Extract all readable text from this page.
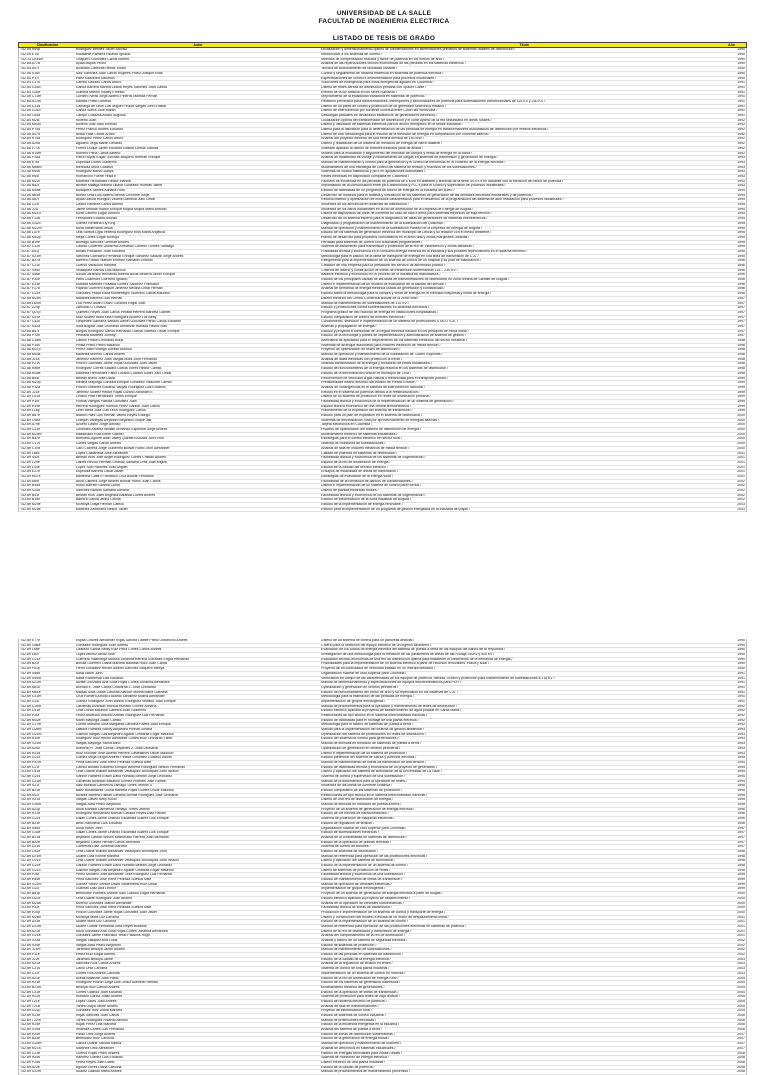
UNIVERSIDAD DE LA SALLE
FACULTAD DE INGENIERIA ELECTRICA
LISTADO DE TESIS DE GRADO
Clasificacion	Autor	Titulo	Año
T42.85 R69p	Rodriguez Benitez Javier Alfonso	Localizacion y dimensionamiento optimo de condensadores en alimentadores primarios de sistemas radiales de distribucion /	1990
T42.85 E74i	Escalante Ramirez Ricardo Ignacio	Introduccion a los sistemas de control /	1990
T42.33 Ch44m	Chaparro Gonzalez Carlos Alberto	Metodos de compensacion reactiva y factor de potencia en los hornos de arco /	1990
T42.85 A77a	Ayala Mojica Pedro	Analisis de las repercusiones tecnico economicas de las perdidas en los sistemas electricos /	1990
T42.83 A47t	Alvarado Cabezas Hector Efrain	Tecnica de accionamiento de velocidad variable /	1990
T42.85 S16c	Saiz Sanchez Juan Carlos Rugeles Perez Joaquin Elias	Control y seguimiento de maxima eficiencia en sistemas de potencia electrica /	1990
T42.84 P17i	Paez Saavedra Salomon	Especificaciones de control e instrumentacion para procesos industriales /	1990
T42.84 C17s	Carrillo Casado Carlos Arturo	Soluciones de emergencia para crisis energeticas aguden en Colombia /	1991
T42.84 G16d	Garcia Barrera Martha Liliana Reyes Sanchez Juan Carlos	Diseño de redes aereas de distribucion primaria con Spacer Cable /	1991
T42.84 G33e	Guecha Marino Vianey Ernesto	Efectos de la luz artificial en los seres humanos /	1991
T42.85 C73m	Cordero Neira Jorge Alberto Pineros Mantilla Fernan	Mejoramiento de la estabilidad transitoria en sistemas de potencia /	1991
T42.85 A12m	Mantas Prieto Gerardo	Rediseño preventivo para transformadores, interruptores y seccionadores de potencia para subestaciones convencionales de 115 KV y 230 KV /	1991
T42.85 C31d	Camargo de Leon Luis Miguel Pinzon Vargas John Edison	Diseño de un panel de control y proteccion de un generador sincronico trifasico /	1991
T42.85 G24d	Garcia Sierra Jose Martin	Diseño de interconexion por corriente continua entre Colon las Venezuela /	1991
T42.85 C84d	Campo Collazos Alvaro Augusto	Descargas parciales en devanados estatoricos de generadores electricos /	1991
T42.85 M26l	Moreno Juan	Localizacion optima del transformador de distribucion y el corte optimo de la red secundaria en areas rurales /	1992
T42.85 M53d	Moreno Diaz Raul Ernesto	Diseño y utilizacion de sistemas electricos para el ahorro energetico en el sector industrial /	1992
T42.85 P74d	Perez Franco Andres Eduardo	Diseño para la utilizacion para la determinacion de las perdidas de energia en transformadores monofasicos de distribucion por medios electricos /	1992
T42.85 A47d	Ardila Falla Carlos Arturo	Diseño de una metodologia para el estudio de la medicion de energia en comparacion con corriente alterna /	1992
T42.85 R76d	Rodriguez Perez Carlos Arturo	Analisis del proyecto electrico de una central termica de 150 MW /	1992
T42.86 A25d	Agudelo Vega Martin Gerardo	Diseño y realizacion de un sistema de medicion de energia de barra radiante /	1992
T42.86 F71s	Forero Duque Javier Eduardo Gastón Lemus Sandra	Software aplicado al diseño de motores trifasicos jaula de ardilla /	1992
T42.86 R76m	Romero Peña Carlos Alberto	Modelo para la evaluacion y seguimiento del mercado de compra y venta de energia en la bolsa /	1992
T42.86 P28a	Parra Hoyos Edgar Gonzalo Baquero Herman Enrique	Analisis de estabilidad de voltaje y modelamiento de cargas en sistemas de transmision y generacion de energia /	1993
T42.86 E76t	Espinosa Durán Guillermo	Manual de mantenimiento y control para la generacion y el control de frecuencia en el contexto de la energia electrica /	1993
T42.86 M88m	Mendoza Mora Gustavo	Modelamiento de una estrategia de control del sistema de tension y reactivos de los subestaciones /	1993
T42.86 R69s	Rodriguez Maria Gladys	Sistemas de control distribuido y plc's en aplicaciones industriales /	1993
T42.86 R65i	Romanovo Fuerte Yesid E	Redes electricas en disposicion compacta en Colombia /	1993
T42.86 M22f	Martinez Hernandez Hector Manuel	Factores de incidencia en las perdidas de potencia de 5 MVA en adelante y tecnicas de la serie 34.5 KV en adelante con la medicion del factor de potencia /	1993
T42.86 B52i	Beltran Malaga Mariela Liliana Gonzalez Huertas Jaime	Implantacion de la comunicacion entre plc's distribuidos y PLC's para el control y supervision de procesos industriales /	1993
T42.86 M58e	Mosquera Jaimes Adriana Ruth	Estudio de factibilidad de un programa de ahorro de energia en la industria del cuero /	1994
T42.86 N63d	Nuñez Ortiz Luis Alberto Bernal Chinome Jorge	Desarrollo de modelos para el analisis y simulacion de los sistemas de generacion de las centrales electricas industriales y de potencia /	1994
T42.86 A87r	Ayala Garcia Rilington Villamil Gamboa Julio Cesar	Reconocimiento y optimizacion de modulos caracteristicos para el desarrollo de la programacion del sistema de auto realizacion para procesos industriales /	1994
T42.86 C23i	Castro Ramirez Carlos Alberto	Influencia de los armonicos en sistemas de distribucion /	1994
T42.86 J21i	Jaime Medina Ruben Enrique Mojica Mojica Mario Antonio	Influencia de los baros industriales en la red de distribucion de la Empresa de Energia de Bogota /	1994
T42.86 M21d	Mora Camelo Edgar Antonio	Diseño de dispositivos de corte de corriente en caso de falla a tierra para sistemas electricos de baja tension /	1994
T42.86 F14d	Fernández Eduard Alfonso	Desarrollo de un sistema experto para el diagnostico de fallas de generadores de sistemas hidroelectricos /	1994
T42.86 G32d	Gomez Rentería Ely King	Diagnostico y programacion de mantenimiento de la subestacion del Quilichao /	1995
T42.86 M22m	Mora Valderrama Jesus	Manual de operacion y mantenimiento de la subestacion Paraiso de la Empresa de Energia de Bogota /	1995
T42.86 L47e	Leal Santos Ligia Yesenia Rodriguez Rios Maria Angelica	Estudio de los sistemas de generacion electrica del municipio de Leticia y su relacion con el medio ambiente /	1995
T42.86 M52p	Mejia Cortes Edgar Rodrigo	Planes de desarrollo para proyectos comunitarios en el area rural y zonas marginales urbanas /	1995
T42.86 B19e	Buitrago Sanchez German Andres	Perdidas para sistemas de control con automatas programables /	1995
T42.87 C12s	Castillo Gutierrez Guillermo Armando Cordero Gomez Santiago	Sistema de aislamiento para transmision y proteccion de la red de Villavicencio y zonas aledañas /	1995
T42.87 A51j	Amato Poblacion Juan Eduardo	Posibilidad tecnica y economica en el consumo energia electrica en la industria y sus posibles repercusiones en el sistema electrico /	1995
T42.87 S21m	Sanchez Camacho Fernando Enrique Sanchez Salazar Jorge Andres	Metodologia para el calculo de la tarifa de transporte de energia en una linea de transmision de C.A. /	1995
T42.87 B27d	Barrera Franco Manuel Ernesto Gamaliel Ernesto	Reingenieria para la implementacion de un sistema de control de un hospital y su plan de elaboracion /	1996
T42.87 C21c	Cuervo Veracoon Marcela	Creacion de una empresa para la prestacion del servicio de alumbrado publico /	1996
T42.87 V54c	Velasquez Ramos Luis Mauricio	Criterios de diseño y construccion de lineas de transmision subterraneas 115 – 230 KV /	1996
T42.87 S56b	Socari Jaramillo Hernando Alberto Arcila Becerra Javier Enrique	Balance electrico y economico en el proceso de la industria de manufactura /	1996
T42.87 P20e	Paris Cuanhuer Guerrero Ignacio	Estudio de los principales causas de las fallas de transformadores de distribucion en zona urbana de Santafe de Bogota /	1996
T42.87 E21e	Estrada Martinez Rosalba Gomez Sanchez Francisco	Diseño e implementacion de un modelo de evaluacion de la calidad del servicio /	1996
T42.87 F17a	Fajardo Guerrero Miguel Jiménez Medina Omar Hernan	Analisis de demanda de energia electrica costos de generacion y confiabilidad /	1996
T42.87 G21e	Gonzalez Prada Edna Montenegro Guerrero Carlos Mauricio	Estudio sobre la metodologia para la compra y venta de energia en el mercado mayorista y bolsa de energia /	1996
T42.88 M25d	Martinez Becerra Luis Hernan	Diseño electrico del Centro Comercial Bolivar de la zona rural /	1997
T42.88 L54m	Loa Perez Alvaro Erazo Cordoba Edgar Julio	Manual de mantenimiento de subestaciones de 115 KV /	1997
T42.87 Z24p	Zamudio O Octavio	Estudio y protecciones contra sobretensiones en sistemas electricos /	1997
T42.87 Q27p	Quintero Reyes Juan Carlos Peralta Herrera Marcela Gabriel	Programa grafico de uso racional de energia en instituciones hospitalarias /	1997
T42.87 D31e	Diaz Suarez Nidia Lida Rodriguez Alvarez Luz Betty	Estudio comparativo de control de motores electricos /	1997
T42.87 C42c	Cespedes Gamarra William Daniel Gonzalez Pardo Carlos Eduardo	Conocimiento, seleccion e implementacion de un sistema de protecciones STALO S.A. /	1997
T42.87 S42a	Suta Bogota Jose Leonardo Almanzar Hurtado Hector Ivan	Antenas y propagacion de energia /	1997
T42.88 B67t	Burgos Rodriguez Carlos Hernando Garcia Salcedo Oscar Enrique	Estudio y proyecto a consolidar de un region electrica basado en los principios de motor lineal /	1997
T42.88 P72e	Pedraza Martinez Johnny	Estudio de la tecnologia y planes de implementacion y administracion de sistema de gestion /	1997
T42.88 C18m	Camilo Pinzón Leonardo Borja	Alternativa de aplicacion para el mejoramiento de los sistemas electricos del sector industrial /	1998
T42.88 P34s	Pinilla Prieto Pedro Mauricio	Sistemas de arranque automatico para motores electricos de media tension /	1998
T42.88 M37p	Perez Juan Rodrigo Dorado Antonio	Proyecto de optimizacion de redes de distribucion /	1998
T42.88 M64s	Martinez Moreno Carlos Andres	Manual de operacion y mantenimiento de la subestacion de Cuatro Esquinas /	1998
T42.88 J21a	Jiménez Ramírez Juan Vargas Mora John Fernando	Analisis de fallas electricas con proteccion al frente /	1998
T42.88 P21s	Pinzón Gonzalez Jaime Rojas Gonzalez Juan Javier	Sistema administrador de la energia y monitoreo de redes industriales /	1998
T42.88 R86e	Rodriguez Correa Edward Garcia Torres Hector Camilo	Estudio del funcionamiento de la energia reactiva en los sistemas de distribucion /	1998
T42.88 M38e	Martinez Hernandez Fabio Lozano Cubillos Solier Julio Cesar	Estudio de la electrificacion rural en el municipio de Chia /	1998
T42.88 B54r	Beltran Bravo Jose David	Reconversion de vehiculos a gas natural o electricidad para el transporte publico /	1999
T42.88 M23p	Medina Mayorga Gonzalo Enrique Gonzalez Villacorte Camilo	Prefactibilidad diseño electrico del edificio de Piedra Grande /	1999
T42.88 P12a	Pinzon Sanchez Eduardo Vargas Rodriguez Luis Eduardo	Analisis de contingencias en el sistema de interconexion nacional /	1999
T42.89 J21e	Jiménez Suarez Hector Rojas Lozano Abraham E	Efectos en el sistema de potencia debido a la reestructuracion /	1999
T42.89 O11d	Orozco Pilar Hernandez Torres Enrique	Diseño de un sistema de proteccion en redes de distribucion primaria /	1999
T42.89 P15f	Portilla Villegas Patricia Gonzalez Juan	Factibilidad tecnica y economica de la implementacion de un sistema de generacion /	1999
T42.89 H19e	Herrera Rodriguez Romulo Perez Garzon Juan Carlos	Estudio tecnico economico de una central termoelectrica /	1999
T42.89 L18p	Leon Mesa Jose Luis Leon Rodriguez Carlos	Planeamiento de la expansion del sistema de transmision /	1999
T42.89 B87e	Blanco Paez Luis Hernan Valero Reyes Rodrigo	Estudio para un plan de expansion en el sistema de distribucion /	2000
T42.89 O54e	Ortegon Vanegas Alejandro Bejarano Duque Jair	Sistemas de electrificacion rural por aprovechamiento de energias alternas /	2000
T42.89 A79e	Azuero Castro Jorge Alfonso	Tarjeta electrónica en Colombia /	2000
T42.89 C21e	Cifuentes Alvarez William Armando Espinosa Jorge Andres	Proceso de optimizacion del sistema de distribucion de energia /	2000
T42.89 M25m	Maldonado Ruiz Elmer Gabriel	Modelamiento electrico de sistemas industriales /	2000
T42.89 B37e	Buenaño Aguirre Alain Valery Quintero Acosta John Errol	Estrategias para el control electrico del sector rural /	2000
T42.89 C17s	Cortes Vargas Carlos Alberto	Sistema de monitoreo de subestaciones /	2000
T42.89 C19a	Caro Cabrera Jorge Guillermo Bolivar Rubio Jhon Alexander	Analisis de falla en motores electricos de media tension /	2000
T42.89 L66c	Lopez Castañeda Jose Alexander	Calidad de potencia en sistemas de distribucion /	2001
T42.89 S52f	Beltran Rios Jose Angel Rodriguez Cortes Cristian Andres	Factibilidad tecnica y economica de los sistemas de cogeneracion /	2001
T42.89 L29e	Llanes Rincón Herman Orlando Santana Ortiz Juan Miguel	Estudio de la red de distribucion de energia /	2001
T42.89 L33e	Lopez Soto Ramirez Juan Miguel	Estudio de la calidad del servicio electrico /	2001
T42.89 E27e	Espinosa Barrera Oscar Javier	Ensayos de estabilidad de lineas de transmision /	2001
T42.89 M37e	Mahecha Castro Francisco Cruz Bolivar Fernando	Estrategias de evaluacion de la energia solar /	2001
T42.89 A85f	Ariza Cabrera Jorge Andres Bolivar Rubio Juan Carlos	Factibilidad de la formacion de bancos de condensadores /	2002
T42.89 B35d	Rubio Barreto Sandra Liceth	Diseño e implementacion de un sistema de control para hornos /	2002
T42.89 S24d	Sanchez Barreto Santana Adriana	Diseño de plantas electricas rurales /	2002
T42.89 B41f	Beltran Rios Juliet Angelica Bautista Cortes Andres	Factibilidad tecnica y economica de los sistemas de cogeneracion /	2002
T42.89 B15e	Barrera Garcia Jenny Cecilia	Estudio de electrificacion de la zona industrial de Bogota /	2002
T42.89 M29e	Montoya Olaya Hernan Camilo	Estudio de la implementacion de energia renovable /	2003
T42.89 M25e	Martinez Zambrano Nestor Javier	Estudio para la implementacion de un programa de gestion energetica en la industria del papel /	2003
T42.89 E77e	Espita Chaves Alexander Rojas Sandra Lisette Prieto Oralancho Andres	Diseño de un sistema de control para un pancreas artificial /	1990
T42.89 G66e	Gonzalez Rodriguez Juan Alberto	Criterio para la seleccion del equipo electrico de un ingenio azucarero /	1990
T42.89 L56e	Lizarazo Garcia Nelsy Ruiz Peña Cortes Carlos Andres	Evaluacion de los costos de energia electrica del sistema de puesta a tierra de los equipos del Banco de la Republica /	1990
T42.89 L62i	Lopez Muñoz Abiud Jose	Investigacion de una metodologia para la medicion de los parametros de lineas de alto voltaje 230Kv y 500 Kv /	1990
T42.89 G21e	Guerrero Villamarga Monica Johanna Herrera Gonzalez Edgar Hernando	Evaluacion tecnico-economica de una red de distribucion optima para establecer el crecimiento de la demanda de energia /	1990
T42.89 B21f	Bonilla Guerrero Diana Marcela Bautista Rozo Juan Carlos	Posibilidades para la implementacion de un sistema electrico a partir de recursos renovables, eolica y solar /	1990
T42.89 F51p	Fierro Gonzalez Hector Alberto Sanchez Baquero Mireya	Proyecto de un controlador de velocidad basado en un microprocesador /	1990
T42.89 S58d	Sosa Varón John	Organizacion nuclear de ciclo superior para Colombia /	1991
T42.89 S54m	Sarta Rubinfesla Luis Eduardo	Verificacion en campo de las caracteristicas de los equipos de potencia, medida, control y proteccion para mantenimiento de subestaciones a 115 KV /	1991
T42.89 A21m	Alzate Gonzalez Ana Sofia Rojas Cortes Johanna Alexandra	Manual de dimensionamiento y especificaciones de equipos electromecanicos para PCH /	1991
T42.89 A61o	Arévalo E. Jose Carlos Chavarria Z. Jose Leonardo	Optimizacion y generacion en centros petroleros /	1991
T42.89 M61e	Macias Silva Diana Carolina Alarcon Molina Maria Gabriela	Estudio del funcionamiento del horno de arco y su repercusion en los sistemas de C.A. /	1991
T42.89 C21m	Cruz Romero Arnold Eduardo Landinez Molina Alexander	Metodologia para la estimacion de las perdidas de energia /	1991
T42.89 G21i	Gomez Rodriguez John Wilson Rodriguez Velasco Juan Enrique	Implementacion de grupos electrogenos /	1991
T42.89 C26m	Cardenas Alvarado Monica Hurtado Gomez Adriana	Manual de procedimientos para la operacion y mantenimiento de redes de distribucion /	1992
T42.89 O11e	Ortiz Duran Mauricio Cabrera Juan Guillermo	Estudio electrico aplicado al proyecto de abastecimiento de agua potable en Santa Marta /	1992
T42.89 P11r	Perez Ascencio Antonio Antolin Rodriguez Luis Fernando	Restricciones de tipo tecnico en el sistema interconectado nacional /	1992
T42.89 M32e	Marin Mayorga Julian Camilo	Estudio de factibilidad para el montaje de una planta electrica /	1992
T42.89 C17m	Cortes Mariana Gina Margarita Cardona Rivera Juan Enrique	Metodologia para el diseño de sistemas de puesta a tierra /	1992
T42.89 O25m	Otalora Ramirez Nancy Alejandra Pineda Johana	Manual para la implementacion del sistema de gestion ambiental /	1993
T42.89 G21m	Galindo Vargas Luis Alejandro Aguilar Umbarila Edgar Mauricio	Optimizacion del sistema de protecciones en redes de distribucion /	1993
T42.89 R19e	Rodriguez Ruiz Hector Alexander Cortes Ruiz Leonardo Fabio	Estudio del sistema de control para generadores /	1993
T42.89 V23m	Vargas Mayorga Yamid Alirio	Manual de tecnicas en medicion de sistemas de puesta a tierra /	1993
T42.89 A26o	Acevedo R. Jose Carlos Cespedes Z. Jose Leonardo	Optimizacion de generacion en centros petroleros /	1993
T42.89 R21d	Ruiz Escobar Jose Alberto Herrera Castellanos Oscar Mauricio	Diseño e implementacion de un sistema de proteccion /	1993
T42.89 G21e	Gomez Mejia Sergio Andres Pineda Gonzalez Gustavo Adolfo	Estudio preliminar del sistema de fuerza y potencia electrica /	1994
T42.89 P47m	Peña Sanchez Jose Rene Pedraza Suesca Mike	Manual de mantenimiento de lineas de transmision de alta tension /	1994
T42.89 C21f	Carrillo Bustillo Edilberto Enrique Becerra Rodriguez Nelson Fernando	Estudio de factibilidad tecnica y economica de un proyecto de generacion /	1994
T42.89 O11d	Ortiz Duarte William Alexander Velasquez Bohorquez John Wilson	Diseño y aplicacion del sistema de iluminacion de la Universidad de La Salle /	1994
T42.89 G21s	Garzon Ramirez Edwin Dario Hurtado Beltran Jorge Leonardo	Sistema de control y supervision de una subestacion /	1994
T42.89 C21m	Cardenas Alvarado Mauricio Gomez Puentes Jose Ramon	Manual de procedimientos para la operacion de redes /	1994
T42.89 S21i	Saiz Montilla Carmenza Tamayo Torres Jeimith S	Influencia de las lineas de corriente continua /	1995
T42.89 B21e	Baez Bustamante Gloria Marcela Rojas Gomez Oscar Mauricio	Estudio comparativo de los sistemas de proteccion /	1995
T42.89 A41r	Alvarez Moreno Fabian Gerardo Archila Rodriguez Jose Leonardo	Restricciones de tipo tecnico en el sistema interconectado nacional /	1995
T42.89 V21d	Vargas Castro Nelly Rocio	Diseño de una red de distribucion de energia /	1995
T42.89 V26m	Vargas Avila Pedro Alejandro	Manual de tecnicas en medicion de puesta a tierra /	1995
T42.89 A21p	Ariza Montilla Carmenza Tamayo Torres Jeimith	Proyecto de un sistema de generacion de energia electrica /	1996
T42.89 R12e	Rodriguez Hernandez Manuel Claudio Reyes Diaz Fabian	Estudio de los efectos de transformadores /	1996
T42.89 G21s	Galan Cortes Jaime Orlando Escamilla Suarez Luis Enrique	Sistema de proteccion de maquinas electricas /	1996
T42.89 B21e	Bello Rabolledo Luis Eduardo	Estudio de regulacion de tension /	1996
T42.89 S58o	Sosa Varón John	Organizacion nuclear de ciclo superior para Colombia /	1997
T42.89 G33e	Galan Cortes Jaime Orlando Escamilla Suarez Luis Enrique	Estudio de subestaciones electricas /	1997
T42.89 B21a	Bejarano Castillo Wilson Maldonado Herrera Juan Bernardo	Analisis de la confiabilidad en sistemas de distribucion /	1997
T42.89 B22e	Bejarano Castro Hernán Carlos Bernardo	Estudio de la operacion de plantas termicas /	1997
T42.89 C21s	Contreras Diaz Johanna Marcela	Sistema de control de motores /	1997
T42.89 O12e	Ortiz Duarte William Alexander Velasquez Bohorquez John	Estudio de sistemas de distribucion /	1998
T42.89 D21m	Duarte Diaz Ivonne Marcela	Manual de referencia para operacion de las protecciones electricas /	1998
T42.89 O21d	Ortiz Duarte William Alexander Velasquez Bohorquez John Wilson	Diseño y aplicacion del sistema de iluminacion /	1998
T42.89 G21e	Garzon Ramirez Edwin Dario Hurtado Beltran Jorge Leonardo	Estudio de la implementacion de un sistema de control /	1998
T42.89 G21d	Galindo Vargas Luis Alejandro Aguilar Umbarila Edgar Mauricio	Diseño de sistemas de proteccion de redes /	1998
T42.89 P26f	Perez Montero Jose Alexander Ortiz Rodriguez Luis Fernando	Factibilidad tecnica y economica de una subestacion /	1999
T42.89 P54e	Peña Sanchez Jose Rene Pedraza Suesca Mike	Estudio de mantenimiento de lineas de transmision /	1999
T42.89 G21m	Gomez Yañez Gerson David Valderrama Ruiz Cesar	Manual de operacion de centrales electricas /	1999
T42.89 G22i	Guzman Diaz Ana Leonor	Implementacion de grupos electrogenos /	1999
T42.89 B51p	Bermudez Puentes Lisbeth Saul Claudio Edgar Hernando	Proyecto de un sistema de generacion de energia electrica a partir de biogas /	2000
T42.89 O22e	Ortiz Duarte Rodriguez Juan Andres	Estudio electrico aplicado al proyecto de abastecimiento /	2000
T42.89 M25a	Moreno Gonzalez Marlon Alexander	Analisis de la operacion de centrales hidroelectricas /	2000
T42.89 P23f	Peña Sanchez Jose Rene Pedraza Suesca Mike	Factibilidad tecnica de lineas de transmision /	2000
T42.89 P20p	Pinzon Gonzalez Jaime Rojas Gonzalez Juan Javier	Produccion e implementacion de un sistema de control y transporte de energia /	2000
T42.89 M26d	Montoya Mora Luz Carolina	Diseño y construccion del modelo a escala de un motor de desplazamiento lineal /	2001
T42.89 D21e	Duarte Mora Luz Carolina	Estudio de la implementacion de un sistema de control /	2001
T42.89 D22m	Duarte Duarte Fernanda Gina Reyes Bolaños	Manual de referencia para operacion de las protecciones electricas en sistemas de potencia /	2001
T42.89 A21d	Ariza Gonzalez Ana Sofia Rojas Cortes Johanna Alexandra	Diseño de la red de distribucion y transmision de energia /	2001
T42.89 G21a	Gonzalez Jaime Francisco Yesid Palacios Hugo	Analisis del comportamiento de la red de distribucion /	2001
T42.89 V23a	Vargas Vasquez Ana Lucia	Analisis y diseño de un sistema de seguridad electrica /	2002
T42.89 V24e	Vargas Avila Pedro Alejandro	Estudio de sistemas de proteccion /	2002
T42.89 J21m	Jaramillo Bedoya Jaime Andres	Manual de mantenimiento de subestaciones /	2002
T42.89 P11e	Perez Ruiz Edgar Alberto	Estudio de las perdidas en sistemas de distribucion /	2002
T42.89 J22e	Jaramillo Bedoya Jaime	Estudio de la calidad de la energia electrica /	2003
T42.89 S21a	Sanchez Ruiz Carlos Andres	Analisis de la regulacion de tension en redes /	2003
T42.89 C21s	Calvo Ortiz Carolina	Sistema de control de una planta industrial /	2003
T42.89 C22i	Cortes Roa Andrea Carolina	Implementacion de un sistema de control en motores /	2003
T42.89 A21e	Avella Balanzar Juan Pablo	Estudio de la red de distribucion de energia rural /	2004
T42.89 R21e	Rodriguez Pinzon Jorge Luis Orduz Acevedo Hernan	Estudio de los sistemas de generacion distribuida /	2004
T42.89 B21m	Bedoya Ruiz Camilo Andres	Modelamiento electrico de generadores /	2004
T42.89 C21e	Cortes Galindo Juan Eduardo	Estudio de la operacion de lineas de transmision /	2004
T42.89 R22s	Rubiano Garcia Julian Andres	Sistema de proteccion para redes de baja tension /	2005
T42.89 L21e	Lopez Galvis Juan Andres	Estudio del sistema electrico de potencia /	2005
T42.89 T21a	Torres Olaya Jaime Andres	Analisis de falla en transformadores /	2005
T42.89 G21p	Gonzalez Ruiz Diana Marcela	Proyecto de electrificacion rural /	2005
T42.89 R23e	Rojas Sanchez Juan Carlos	Estudio de sistemas de control industrial /	2006
T42.89 T22m	Torres Rodriguez Ricardo Alfonso	Manual de protecciones electricas /	2006
T42.89 R24e	Rojas Perez Lina Marcela	Estudio de la eficiencia energetica en la industria /	2006
T42.89 V25a	Velandia Cortes Luis Fernando	Analisis del sistema de puesta a tierra /	2006
T42.89 P24e	Pardo Ortiz Jorge Andres	Estudio de lineas de distribucion subterraneas /	2007
T42.89 B23e	Bermudez Ruiz Carolina	Estudio de la generacion de energia eolica /	2007
T42.89 G23m	Garcia Duarte Sandra Milena	Manual de operacion y mantenimiento de motores /	2007
T42.89 M27a	Martinez Ortiz Alexander	Analisis de armonicos en sistemas industriales /	2007
T42.89 C23e	Cuervo Rojas Pedro Andres	Estudio de energias renovables para zonas rurales /	2008
T42.89 R25s	Ramirez Gomez Luis Eduardo	Sistema de monitoreo de energia electrica /	2008
T42.89 P25d	Perez Reyes Juan David	Diseño electrico de una planta industrial /	2008
T42.89 A22e	Aguilar Torres Diana Carolina	Estudio de la calidad de potencia /	2008
T42.89 S22m	Suarez Galindo Mario Andres	Manual de procedimientos de mantenimiento preventivo /	2008
